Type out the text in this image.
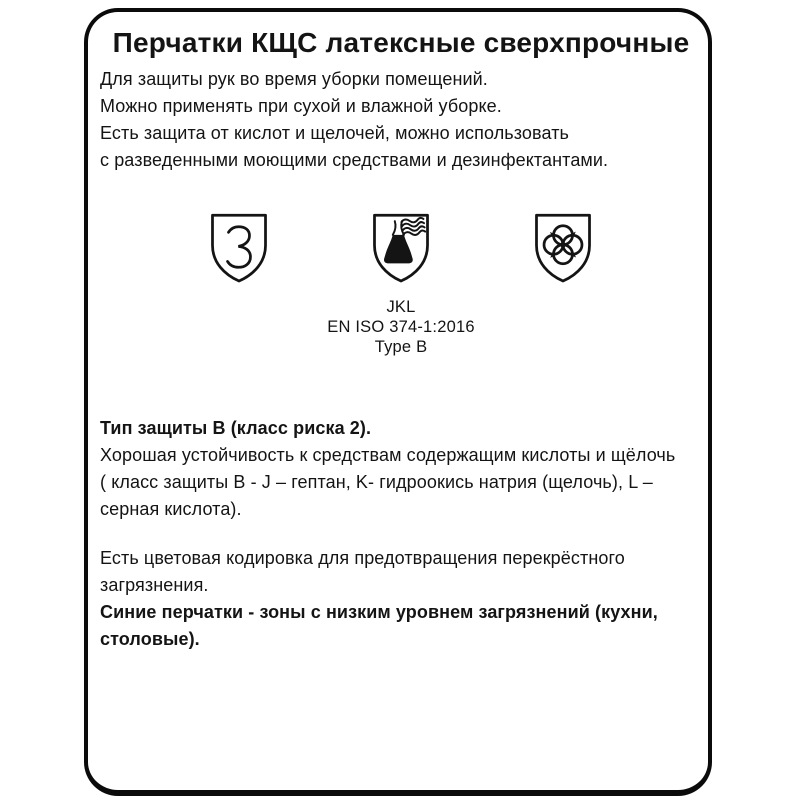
Перчатки КЩС латексные сверхпрочные

Для защиты рук во время уборки помещений.
Можно применять при сухой и влажной уборке.
Есть защита от кислот и щелочей, можно использовать
с разведенными моющими средствами и дезинфектантами.

JKL
EN ISO 374-1:2016
Type B

Тип защиты B (класс риска 2).

Хорошая устойчивость к средствам содержащим кислоты и щёлочь
( класс защиты B - J – гептан, K- гидроокись натрия (щелочь), L –
серная кислота).

Есть цветовая кодировка для предотвращения перекрёстного
загрязнения.

Синие перчатки - зоны с низким уровнем загрязнений (кухни,
столовые).
